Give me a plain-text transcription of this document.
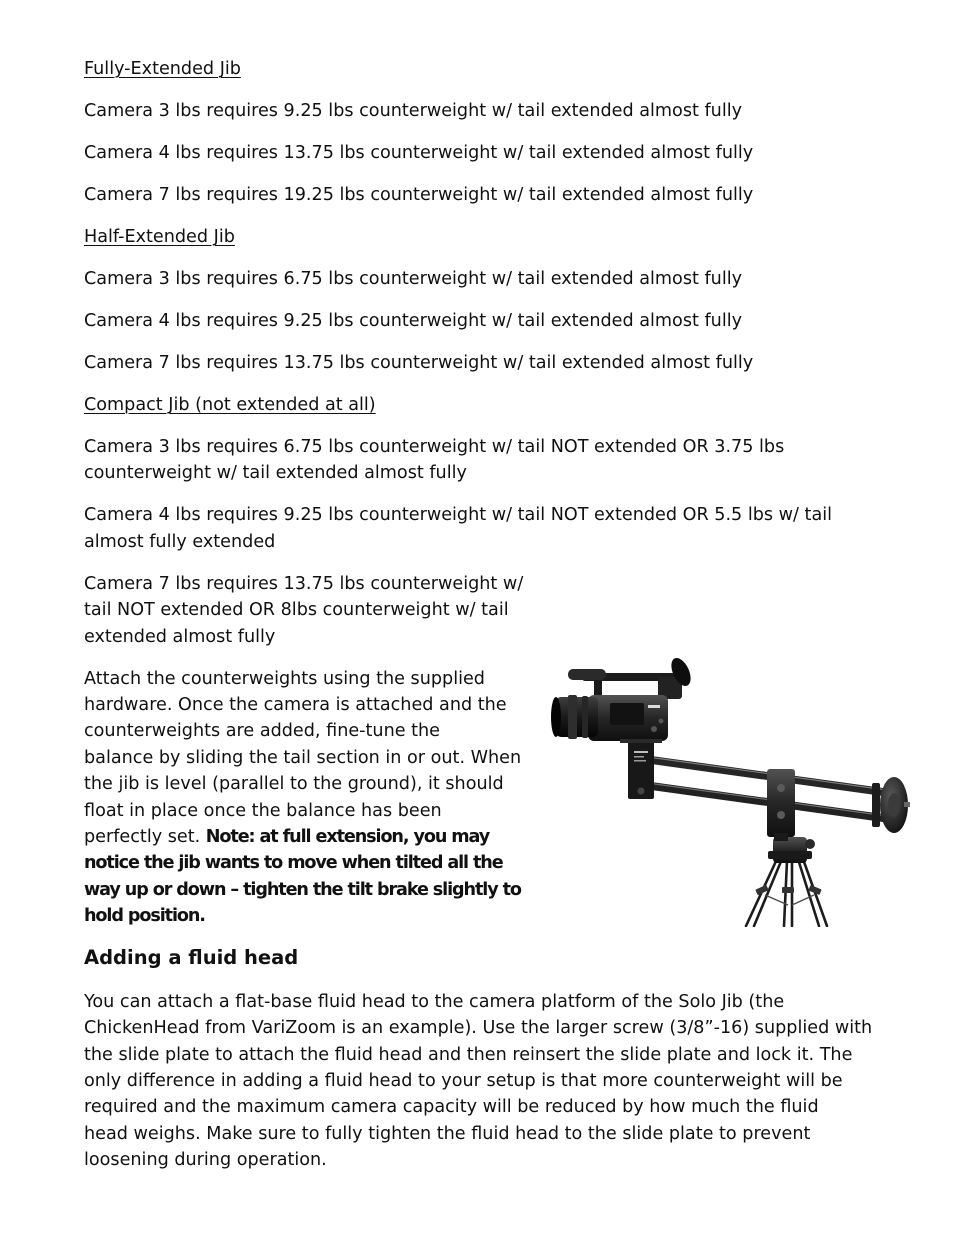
Fully-Extended Jib

Camera 3 lbs requires 9.25 lbs counterweight w/ tail extended almost fully

Camera 4 lbs requires 13.75 lbs counterweight w/ tail extended almost fully

Camera 7 lbs requires 19.25 lbs counterweight w/ tail extended almost fully

Half-Extended Jib

Camera 3 lbs requires 6.75 lbs counterweight w/ tail extended almost fully

Camera 4 lbs requires 9.25 lbs counterweight w/ tail extended almost fully

Camera 7 lbs requires 13.75 lbs counterweight w/ tail extended almost fully

Compact Jib (not extended at all)

Camera 3 lbs requires 6.75 lbs counterweight w/ tail NOT extended OR 3.75 lbs
counterweight w/ tail extended almost fully
Camera 4 lbs requires 9.25 lbs counterweight w/ tail NOT extended OR 5.5 lbs w/ tail
almost fully extended
Camera 7 lbs requires 13.75 lbs counterweight w/
tail NOT extended OR 8lbs counterweight w/ tail
extended almost fully
Attach the counterweights using the supplied
hardware. Once the camera is attached and the
counterweights are added, fine-tune the
balance by sliding the tail section in or out. When
the jib is level (parallel to the ground), it should
float in place once the balance has been
perfectly set. Note: at full extension, you may
notice the jib wants to move when tilted all the
way up or down – tighten the tilt brake slightly to
hold position.
Adding a fluid head
You can attach a flat-base fluid head to the camera platform of the Solo Jib (the
ChickenHead from VariZoom is an example). Use the larger screw (3/8”-16) supplied with
the slide plate to attach the fluid head and then reinsert the slide plate and lock it. The
only difference in adding a fluid head to your setup is that more counterweight will be
required and the maximum camera capacity will be reduced by how much the fluid
head weighs. Make sure to fully tighten the fluid head to the slide plate to prevent
loosening during operation.
